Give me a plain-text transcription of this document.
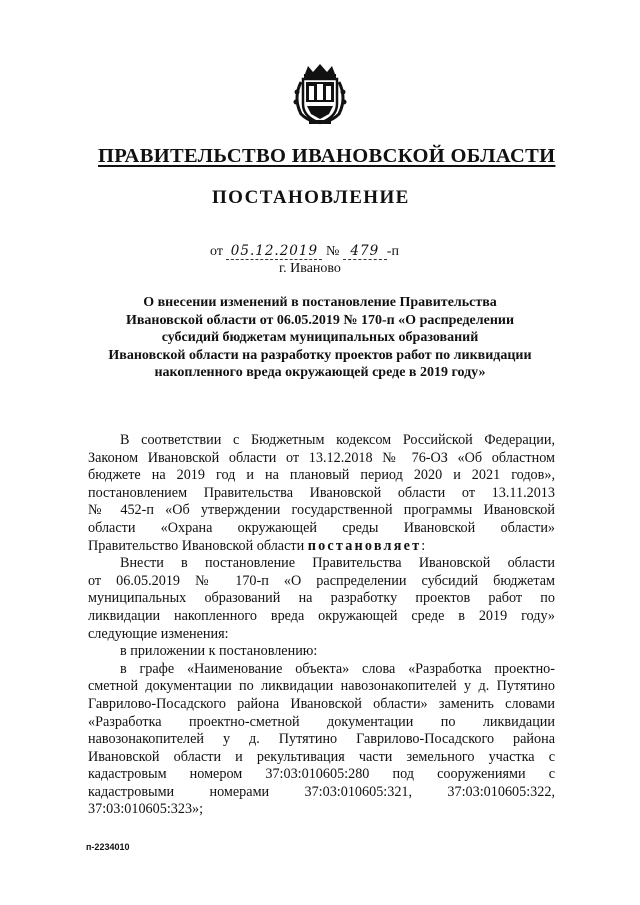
ПРАВИТЕЛЬСТВО ИВАНОВСКОЙ ОБЛАСТИ
ПОСТАНОВЛЕНИЕ
от 05.12.2019 № 479 -п
г. Иваново
О внесении изменений в постановление Правительства
Ивановской области от 06.05.2019 № 170-п «О распределении
субсидий бюджетам муниципальных образований
Ивановской области на разработку проектов работ по ликвидации
накопленного вреда окружающей среде в 2019 году»
В соответствии с Бюджетным кодексом Российской Федерации,
Законом Ивановской области от 13.12.2018 № 76-ОЗ «Об областном
бюджете на 2019 год и на плановый период 2020 и 2021 годов»,
постановлением Правительства Ивановской области от 13.11.2013
№ 452-п «Об утверждении государственной программы Ивановской
области «Охрана окружающей среды Ивановской области»
Правительство Ивановской области постановляет:
Внести в постановление Правительства Ивановской области
от 06.05.2019 № 170-п «О распределении субсидий бюджетам
муниципальных образований на разработку проектов работ по
ликвидации накопленного вреда окружающей среде в 2019 году»
следующие изменения:
в приложении к постановлению:
в графе «Наименование объекта» слова «Разработка проектно-
сметной документации по ликвидации навозонакопителей у д. Путятино
Гаврилово-Посадского района Ивановской области» заменить словами
«Разработка проектно-сметной документации по ликвидации
навозонакопителей у д. Путятино Гаврилово-Посадского района
Ивановской области и рекультивация части земельного участка с
кадастровым номером 37:03:010605:280 под сооружениями с
кадастровыми номерами 37:03:010605:321, 37:03:010605:322,
37:03:010605:323»;
п-2234010
